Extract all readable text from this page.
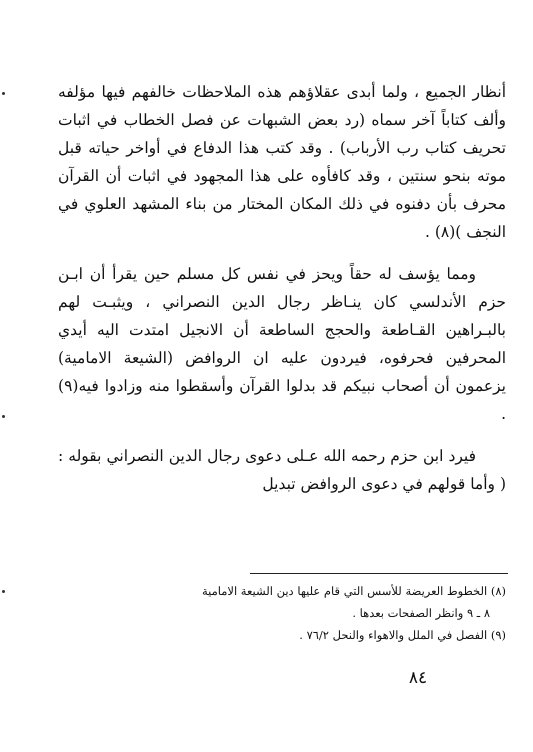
أنظار الجميع ، ولما أبدى عقلاؤهم هذه الملاحظات خالفهم فيها مؤلفه وألف كتاباً آخر سماه (رد بعض الشبهات عن فصل الخطاب في اثبات تحريف كتاب رب الأرباب) . وقد كتب هذا الدفاع في أواخر حياته قبل موته بنحو سنتين ، وقد كافأوه على هذا المجهود في اثبات أن القرآن محرف بأن دفنوه في ذلك المكان المختار من بناء المشهد العلوي في النجف )(٨) .

ومما يؤسف له حقاً ويحز في نفس كل مسلم حين يقرأ أن ابـن حزم الأندلسي كان ينـاظر رجال الدين النصراني ، ويثبـت لهم بالبـراهين القـاطعة والحجج الساطعة أن الانجيل امتدت اليه أيدي المحرفين فحرفوه، فيردون عليه ان الروافض (الشيعة الامامية) يزعمون أن أصحاب نبيكم قد بدلوا القرآن وأسقطوا منه وزادوا فيه(٩) .

فيرد ابن حزم رحمه الله عـلى دعوى رجال الدين النصراني بقوله : ( وأما قولهم في دعوى الروافض تبديل

(٨) الخطوط العريضة للأسس التي قام عليها دين الشيعة الامامية

٨ ـ ٩ وانظر الصفحات بعدها .

(٩) الفصل في الملل والاهواء والنحل ٧٦/٢ .

٨٤
